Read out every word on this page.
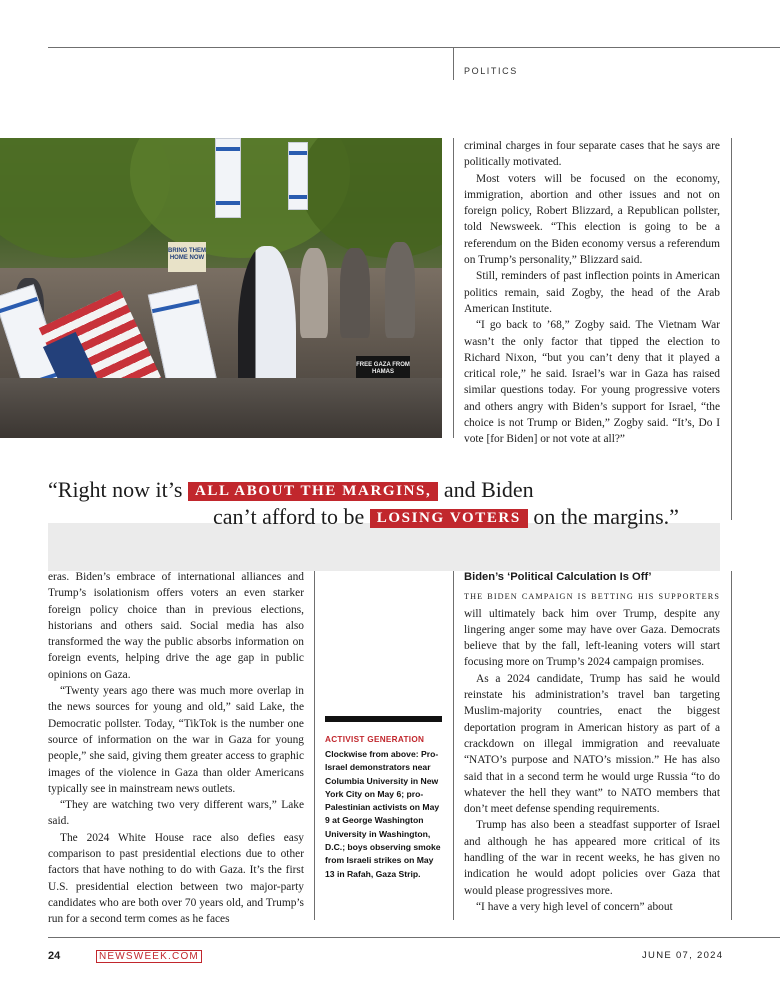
POLITICS
BRING THEM HOME NOW
FREE GAZA FROM HAMAS

criminal charges in four separate cases that he says are politically motivated.

Most voters will be focused on the economy, immigration, abortion and other issues and not on foreign policy, Robert Blizzard, a Republican pollster, told Newsweek. “This election is going to be a referendum on the Biden economy versus a referendum on Trump’s personality,” Blizzard said.

Still, reminders of past inflection points in American politics remain, said Zogby, the head of the Arab American Institute.

“I go back to ’68,” Zogby said. The Vietnam War wasn’t the only factor that tipped the election to Richard Nixon, “but you can’t deny that it played a critical role,” he said. Israel’s war in Gaza has raised similar questions today. For young progressive voters and others angry with Biden’s support for Israel, “the choice is not Trump or Biden,” Zogby said. “It’s, Do I vote [for Biden] or not vote at all?”

“Right now it’s ALL ABOUT THE MARGINS, and Biden
can’t afford to be LOSING VOTERS on the margins.”

eras. Biden’s embrace of international alliances and Trump’s isolationism offers voters an even starker foreign policy choice than in previous elections, historians and others said. Social media has also transformed the way the public absorbs information on foreign events, helping drive the age gap in public opinions on Gaza.

“Twenty years ago there was much more overlap in the news sources for young and old,” said Lake, the Democratic pollster. Today, “TikTok is the number one source of information on the war in Gaza for young people,” she said, giving them greater access to graphic images of the violence in Gaza than older Americans typically see in mainstream news outlets.

“They are watching two very different wars,” Lake said.

The 2024 White House race also defies easy comparison to past presidential elections due to other factors that have nothing to do with Gaza. It’s the first U.S. presidential election between two major-party candidates who are both over 70 years old, and Trump’s run for a second term comes as he faces

ACTIVIST GENERATION
Clockwise from above: Pro-Israel demonstrators near Columbia University in New York City on May 6; pro-Palestinian activists on May 9 at George Washington University in Washington, D.C.; boys observing smoke from Israeli strikes on May 13 in Rafah, Gaza Strip.
Biden’s ‘Political Calculation Is Off’

THE BIDEN CAMPAIGN IS BETTING HIS SUPPORTERS will ultimately back him over Trump, despite any lingering anger some may have over Gaza. Democrats believe that by the fall, left-leaning voters will start focusing more on Trump’s 2024 campaign promises.

As a 2024 candidate, Trump has said he would reinstate his administration’s travel ban targeting Muslim-majority countries, enact the biggest deportation program in American history as part of a crackdown on illegal immigration and reevaluate “NATO’s purpose and NATO’s mission.” He has also said that in a second term he would urge Russia “to do whatever the hell they want” to NATO members that don’t meet defense spending requirements.

Trump has also been a steadfast supporter of Israel and although he has appeared more critical of its handling of the war in recent weeks, he has given no indication he would adopt policies over Gaza that would please progressives more.

“I have a very high level of concern” about

24	NEWSWEEK.COM	JUNE 07, 2024
